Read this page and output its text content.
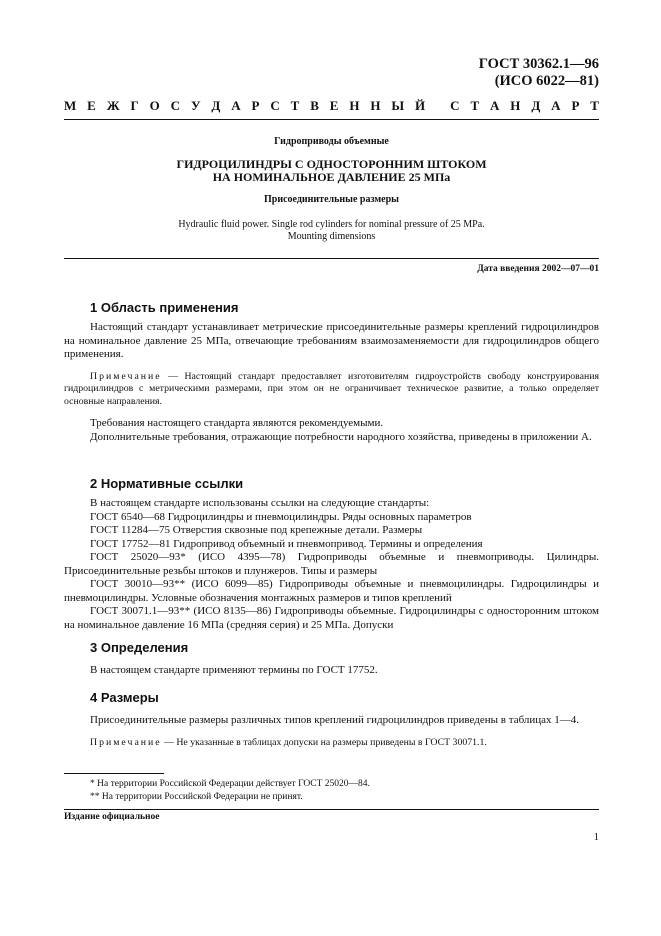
ГОСТ 30362.1—96
(ИСО 6022—81)
М Е Ж Г О С У Д А Р С Т В Е Н Н Ы Й
С Т А Н Д А Р Т
Гидроприводы объемные
ГИДРОЦИЛИНДРЫ С ОДНОСТОРОННИМ ШТОКОМ
НА НОМИНАЛЬНОЕ ДАВЛЕНИЕ 25 МПа
Присоединительные размеры
Hydraulic fluid power. Single rod cylinders for nominal pressure of 25 MPa.
Mounting dimensions
Дата введения 2002—07—01
1 Область применения

Настоящий стандарт устанавливает метрические присоединительные размеры креплений гидроцилиндров на номинальное давление 25 МПа, отвечающие требованиям взаимозаменяемости для гидроцилиндров общего применения.

Примечание — Настоящий стандарт предоставляет изготовителям гидроустройств свободу конструирования гидроцилиндров с метрическими размерами, при этом он не ограничивает техническое развитие, а только определяет основные направления.

Требования настоящего стандарта являются рекомендуемыми.

Дополнительные требования, отражающие потребности народного хозяйства, приведены в приложении А.

2 Нормативные ссылки

В настоящем стандарте использованы ссылки на следующие стандарты:

ГОСТ 6540—68 Гидроцилиндры и пневмоцилиндры. Ряды основных параметров

ГОСТ 11284—75 Отверстия сквозные под крепежные детали. Размеры

ГОСТ 17752—81 Гидропривод объемный и пневмопривод. Термины и определения

ГОСТ 25020—93* (ИСО 4395—78) Гидроприводы объемные и пневмоприводы. Цилиндры. Присоединительные резьбы штоков и плунжеров. Типы и размеры

ГОСТ 30010—93** (ИСО 6099—85) Гидроприводы объемные и пневмоцилиндры. Гидроцилиндры и пневмоцилиндры. Условные обозначения монтажных размеров и типов креплений

ГОСТ 30071.1—93** (ИСО 8135—86) Гидроприводы объемные. Гидроцилиндры с односторонним штоком на номинальное давление 16 МПа (средняя серия) и 25 МПа. Допуски

3 Определения

В настоящем стандарте применяют термины по ГОСТ 17752.

4 Размеры

Присоединительные размеры различных типов креплений гидроцилиндров приведены в таблицах 1—4.

Примечание — Не указанные в таблицах допуски на размеры приведены в ГОСТ 30071.1.

* На территории Российской Федерации действует ГОСТ 25020—84.
** На территории Российской Федерации не принят.
Издание официальное
1
